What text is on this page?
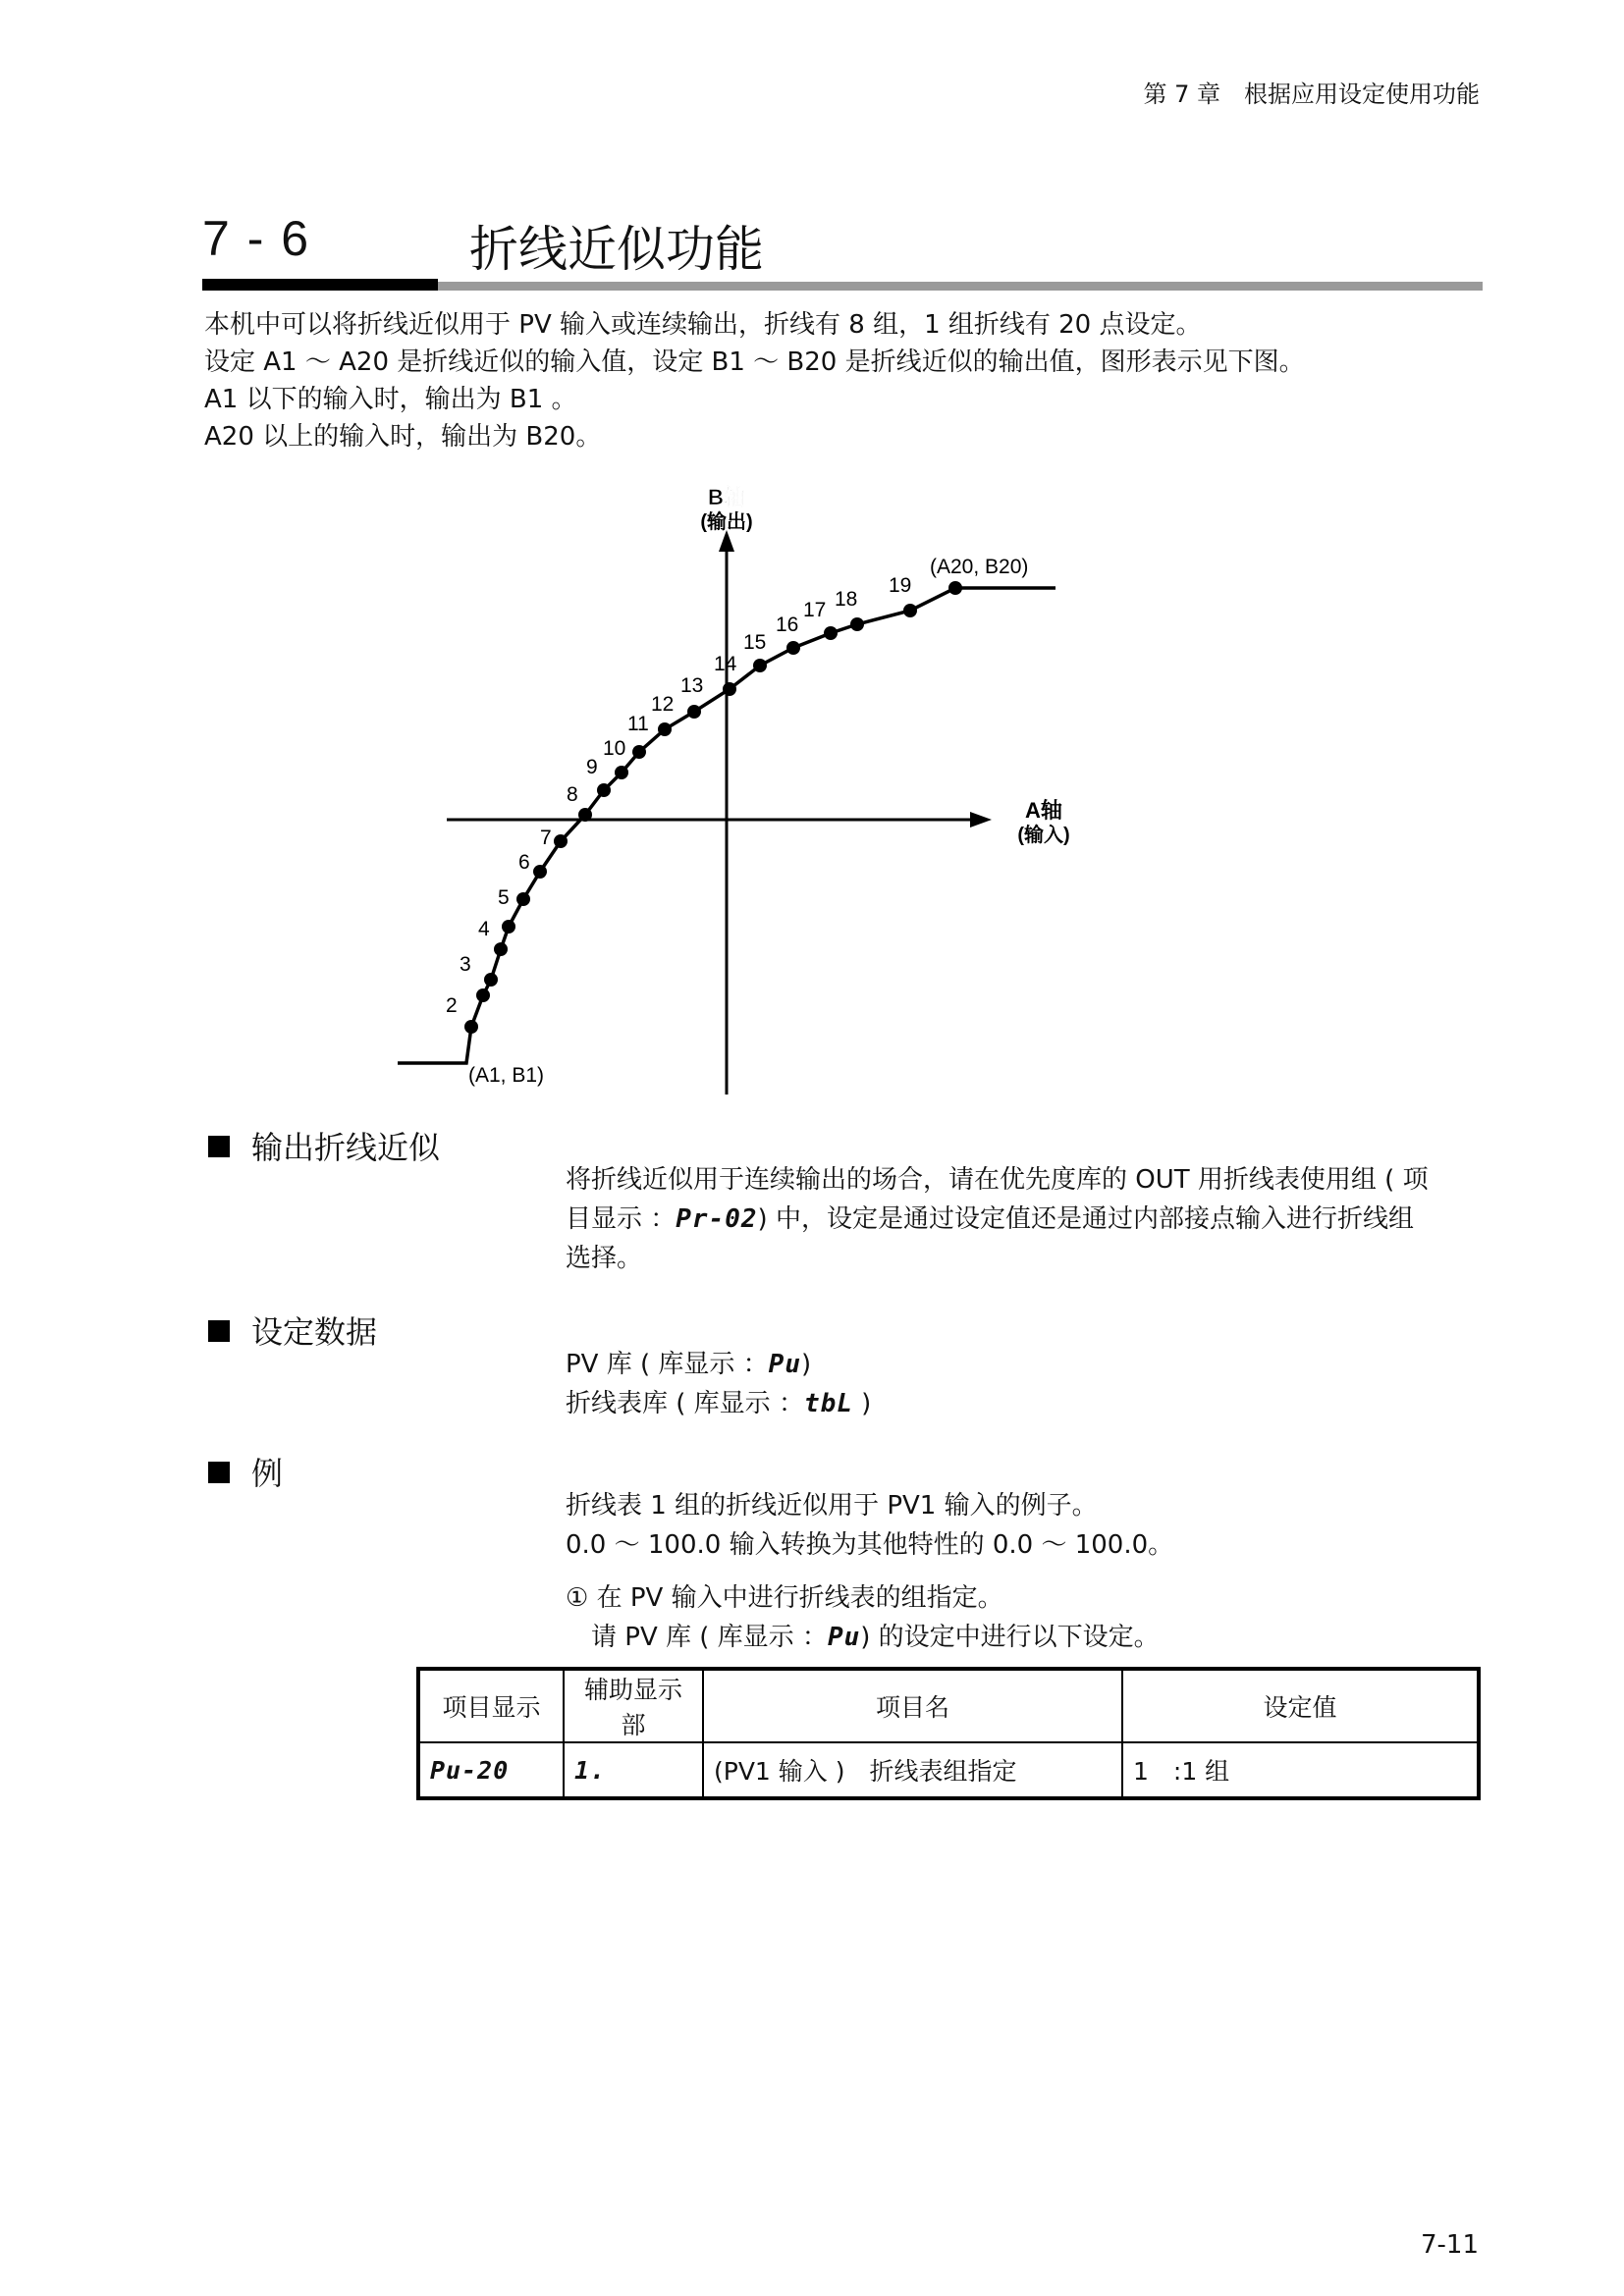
第 7 章　根据应用设定使用功能
7 - 6	折线近似功能
本机中可以将折线近似用于 PV 输入或连续输出，折线有 8 组，1 组折线有 20 点设定。
设定 A1 ～ A20 是折线近似的输入值，设定 B1 ～ B20 是折线近似的输出值，图形表示见下图。
A1 以下的输入时，输出为 B1 。
A20 以上的输入时，输出为 B20。
B轴
(输出)
A轴
(输入)
2
3
4
5
6
7
8
9
10
11
12
13
14
15
16
17 18
19
(A1, B1)
(A20, B20)
输出折线近似
将折线近似用于连续输出的场合，请在优先度库的 OUT 用折线表使用组 ( 项
目显示 ：Pr-02) 中，设定是通过设定值还是通过内部接点输入进行折线组
选择。
设定数据
PV 库 ( 库显示 ：Pu)
折线表库 ( 库显示 ：tbL )
例
折线表 1 组的折线近似用于 PV1 输入的例子。
0.0 ～ 100.0 输入转换为其他特性的 0.0 ～ 100.0。
① 在 PV 输入中进行折线表的组指定。
　请 PV 库 ( 库显示 ：Pu) 的设定中进行以下设定。
项目显示	辅助显示部	项目名	设定值
Pu-20	1.	(PV1 输入 )　折线表组指定	1　:1 组
7-11
